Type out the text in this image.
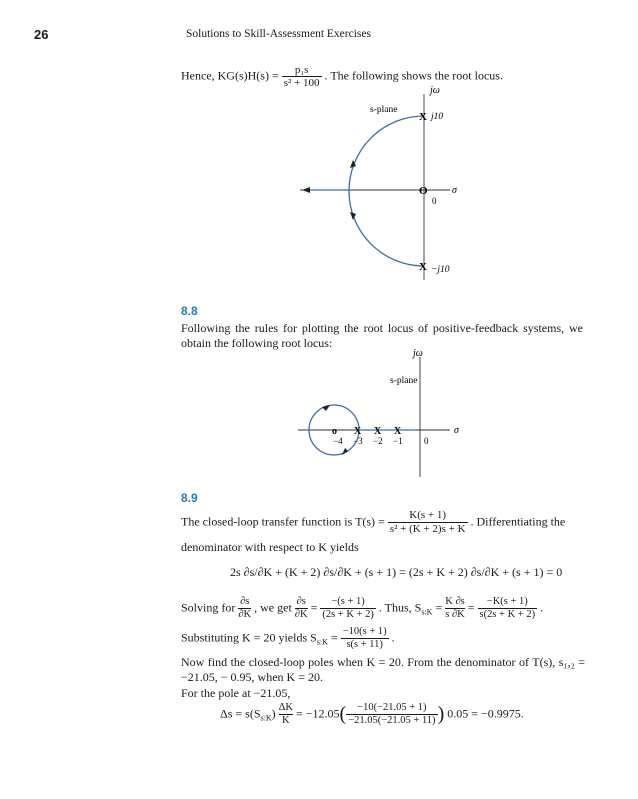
26	Solutions to Skill-Assessment Exercises
Hence, $KG(s)H(s) = \frac{\text{p₁s}}{\text{s² + 100}}$ . The following shows the root locus.
X
X
O
jω
s-plane
j10
−j10
σ
0
8.8
Following the rules for plotting the root locus of positive-feedback systems, we obtain the following root locus:
o X X X
−4 −3 −2 −1 0
jω
s-plane
σ
8.9
The closed-loop transfer function is $T(s) = \frac{K(s + 1)}{\text{s² + (K + 2)s + K}}$ . Differentiating the
denominator with respect to K yields
2s ∂s/∂K + (K + 2) ∂s/∂K + (s + 1) = (2s + K + 2) ∂s/∂K + (s + 1) = 0
Solving for $\frac{\partial s}{\partial K}$ , we get $\frac{\partial s}{\partial K} = \frac{-(s + 1)}{(2s + K + 2)}$ . Thus, $S_{s:K} = \frac{K \partial s}{s \partial K} = \frac{-K(s + 1)}{s(2s + K + 2)}$ .
Substituting K = 20 yields $S_{s:K} = \frac{-10(s + 1)}{s(s + 11)}$ .
Now find the closed-loop poles when K = 20. From the denominator of T(s), s₁,₂ = −21.05, − 0.95, when K = 20.
For the pole at −21.05,
$\Delta s = s(S_{s:K}) \frac{\Delta K}{K} = -12.05( \frac{-10(-21.05 + 1)}{-21.05(-21.05 + 11)}$ ) 0.05 = −0.9975.
